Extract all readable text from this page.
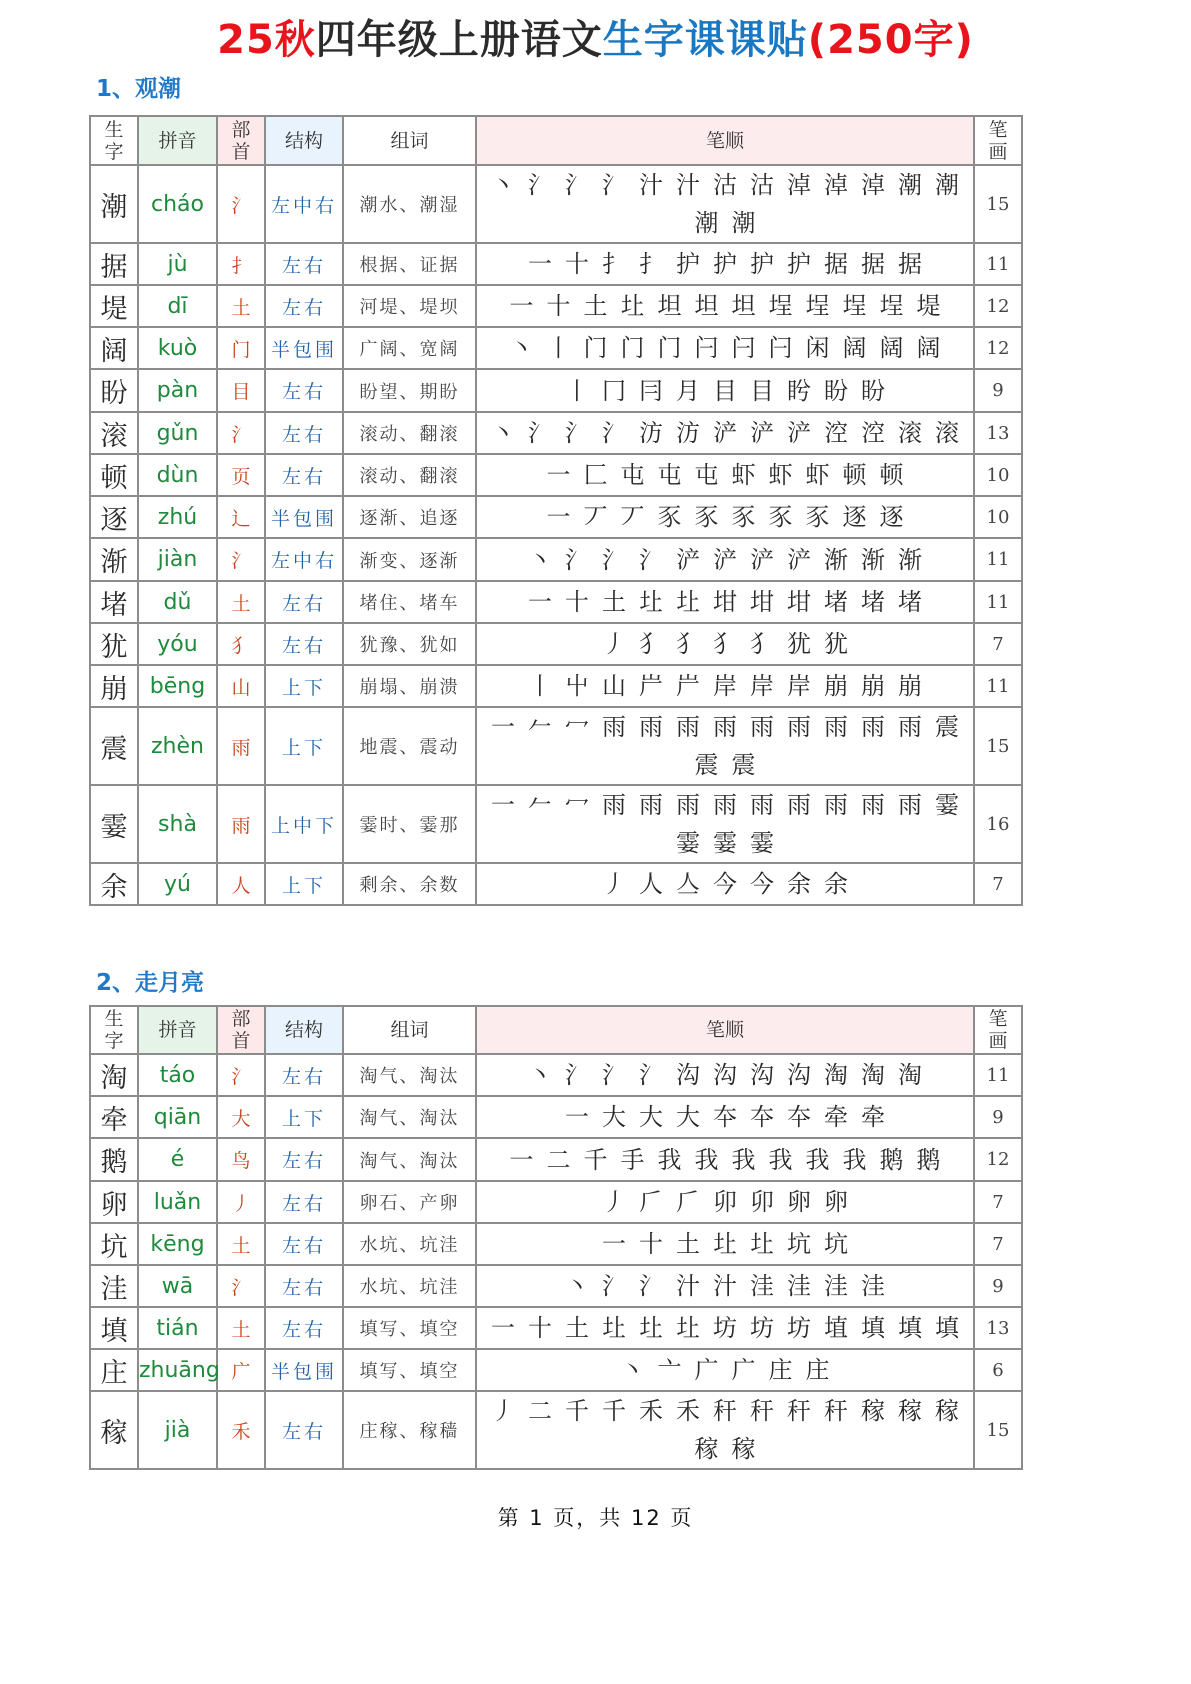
25秋四年级上册语文生字课课贴(250字)
1、观潮
生字	拼音	部首	结构	组词	笔顺	笔画
潮	cháo	氵	左中右	潮水、潮湿	丶 氵 氵 氵 汁 汁 沽 沽 淖 淖 淖 潮 潮潮 潮	15
据	jù	扌	左右	根据、证据	一 十 扌 扌 护 护 护 护 据 据 据	11
堤	dī	土	左右	河堤、堤坝	一 十 土 圵 坦 坦 坦 埕 埕 埕 埕 堤	12
阔	kuò	门	半包围	广阔、宽阔	丶 丨 门 门 门 闩 闩 闩 闲 阔 阔 阔	12
盼	pàn	目	左右	盼望、期盼	丨 冂 冃 月 目 目 盻 盼 盼	9
滚	gǔn	氵	左右	滚动、翻滚	丶 氵 氵 氵 汸 汸 浐 浐 浐 涳 涳 滚 滚	13
顿	dùn	页	左右	滚动、翻滚	一 匚 屯 屯 屯 虾 虾 虾 顿 顿	10
逐	zhú	辶	半包围	逐渐、追逐	一 丆 丆 豕 豕 豕 豕 豕 逐 逐	10
渐	jiàn	氵	左中右	渐变、逐渐	丶 氵 氵 氵 浐 浐 浐 浐 渐 渐 渐	11
堵	dǔ	土	左右	堵住、堵车	一 十 土 圵 圵 坩 坩 坩 堵 堵 堵	11
犹	yóu	犭	左右	犹豫、犹如	丿 犭 犭 犭 犭 犹 犹	7
崩	bēng	山	上下	崩塌、崩溃	丨 屮 山 屵 屵 岸 岸 岸 崩 崩 崩	11
震	zhèn	雨	上下	地震、震动	一 𠂉 冖 雨 雨 雨 雨 雨 雨 雨 雨 雨 震震 震	15
霎	shà	雨	上中下	霎时、霎那	一 𠂉 冖 雨 雨 雨 雨 雨 雨 雨 雨 雨 霎霎 霎 霎	16
余	yú	人	上下	剩余、余数	丿 人 亼 今 今 余 余	7
2、走月亮
生字	拼音	部首	结构	组词	笔顺	笔画
淘	táo	氵	左右	淘气、淘汰	丶 氵 氵 氵 沟 沟 沟 沟 淘 淘 淘	11
牵	qiān	大	上下	淘气、淘汰	一 大 大 大 夲 夲 夲 牵 牵	9
鹅	é	鸟	左右	淘气、淘汰	一 二 千 手 我 我 我 我 我 我 鹅 鹅	12
卵	luǎn	丿	左右	卵石、产卵	丿 𠂆 𠂆 卯 卯 卵 卵	7
坑	kēng	土	左右	水坑、坑洼	一 十 土 圵 圵 坑 坑	7
洼	wā	氵	左右	水坑、坑洼	丶 氵 氵 汁 汁 洼 洼 洼 洼	9
填	tián	土	左右	填写、填空	一 十 土 圵 圵 圵 坊 坊 坊 埴 填 填 填	13
庄	zhuāng	广	半包围	填写、填空	丶 亠 广 广 庄 庄	6
稼	jià	禾	左右	庄稼、稼穑	丿 二 千 千 禾 禾 秆 秆 秆 秆 稼 稼 稼稼 稼	15
第 1 页，共 12 页
